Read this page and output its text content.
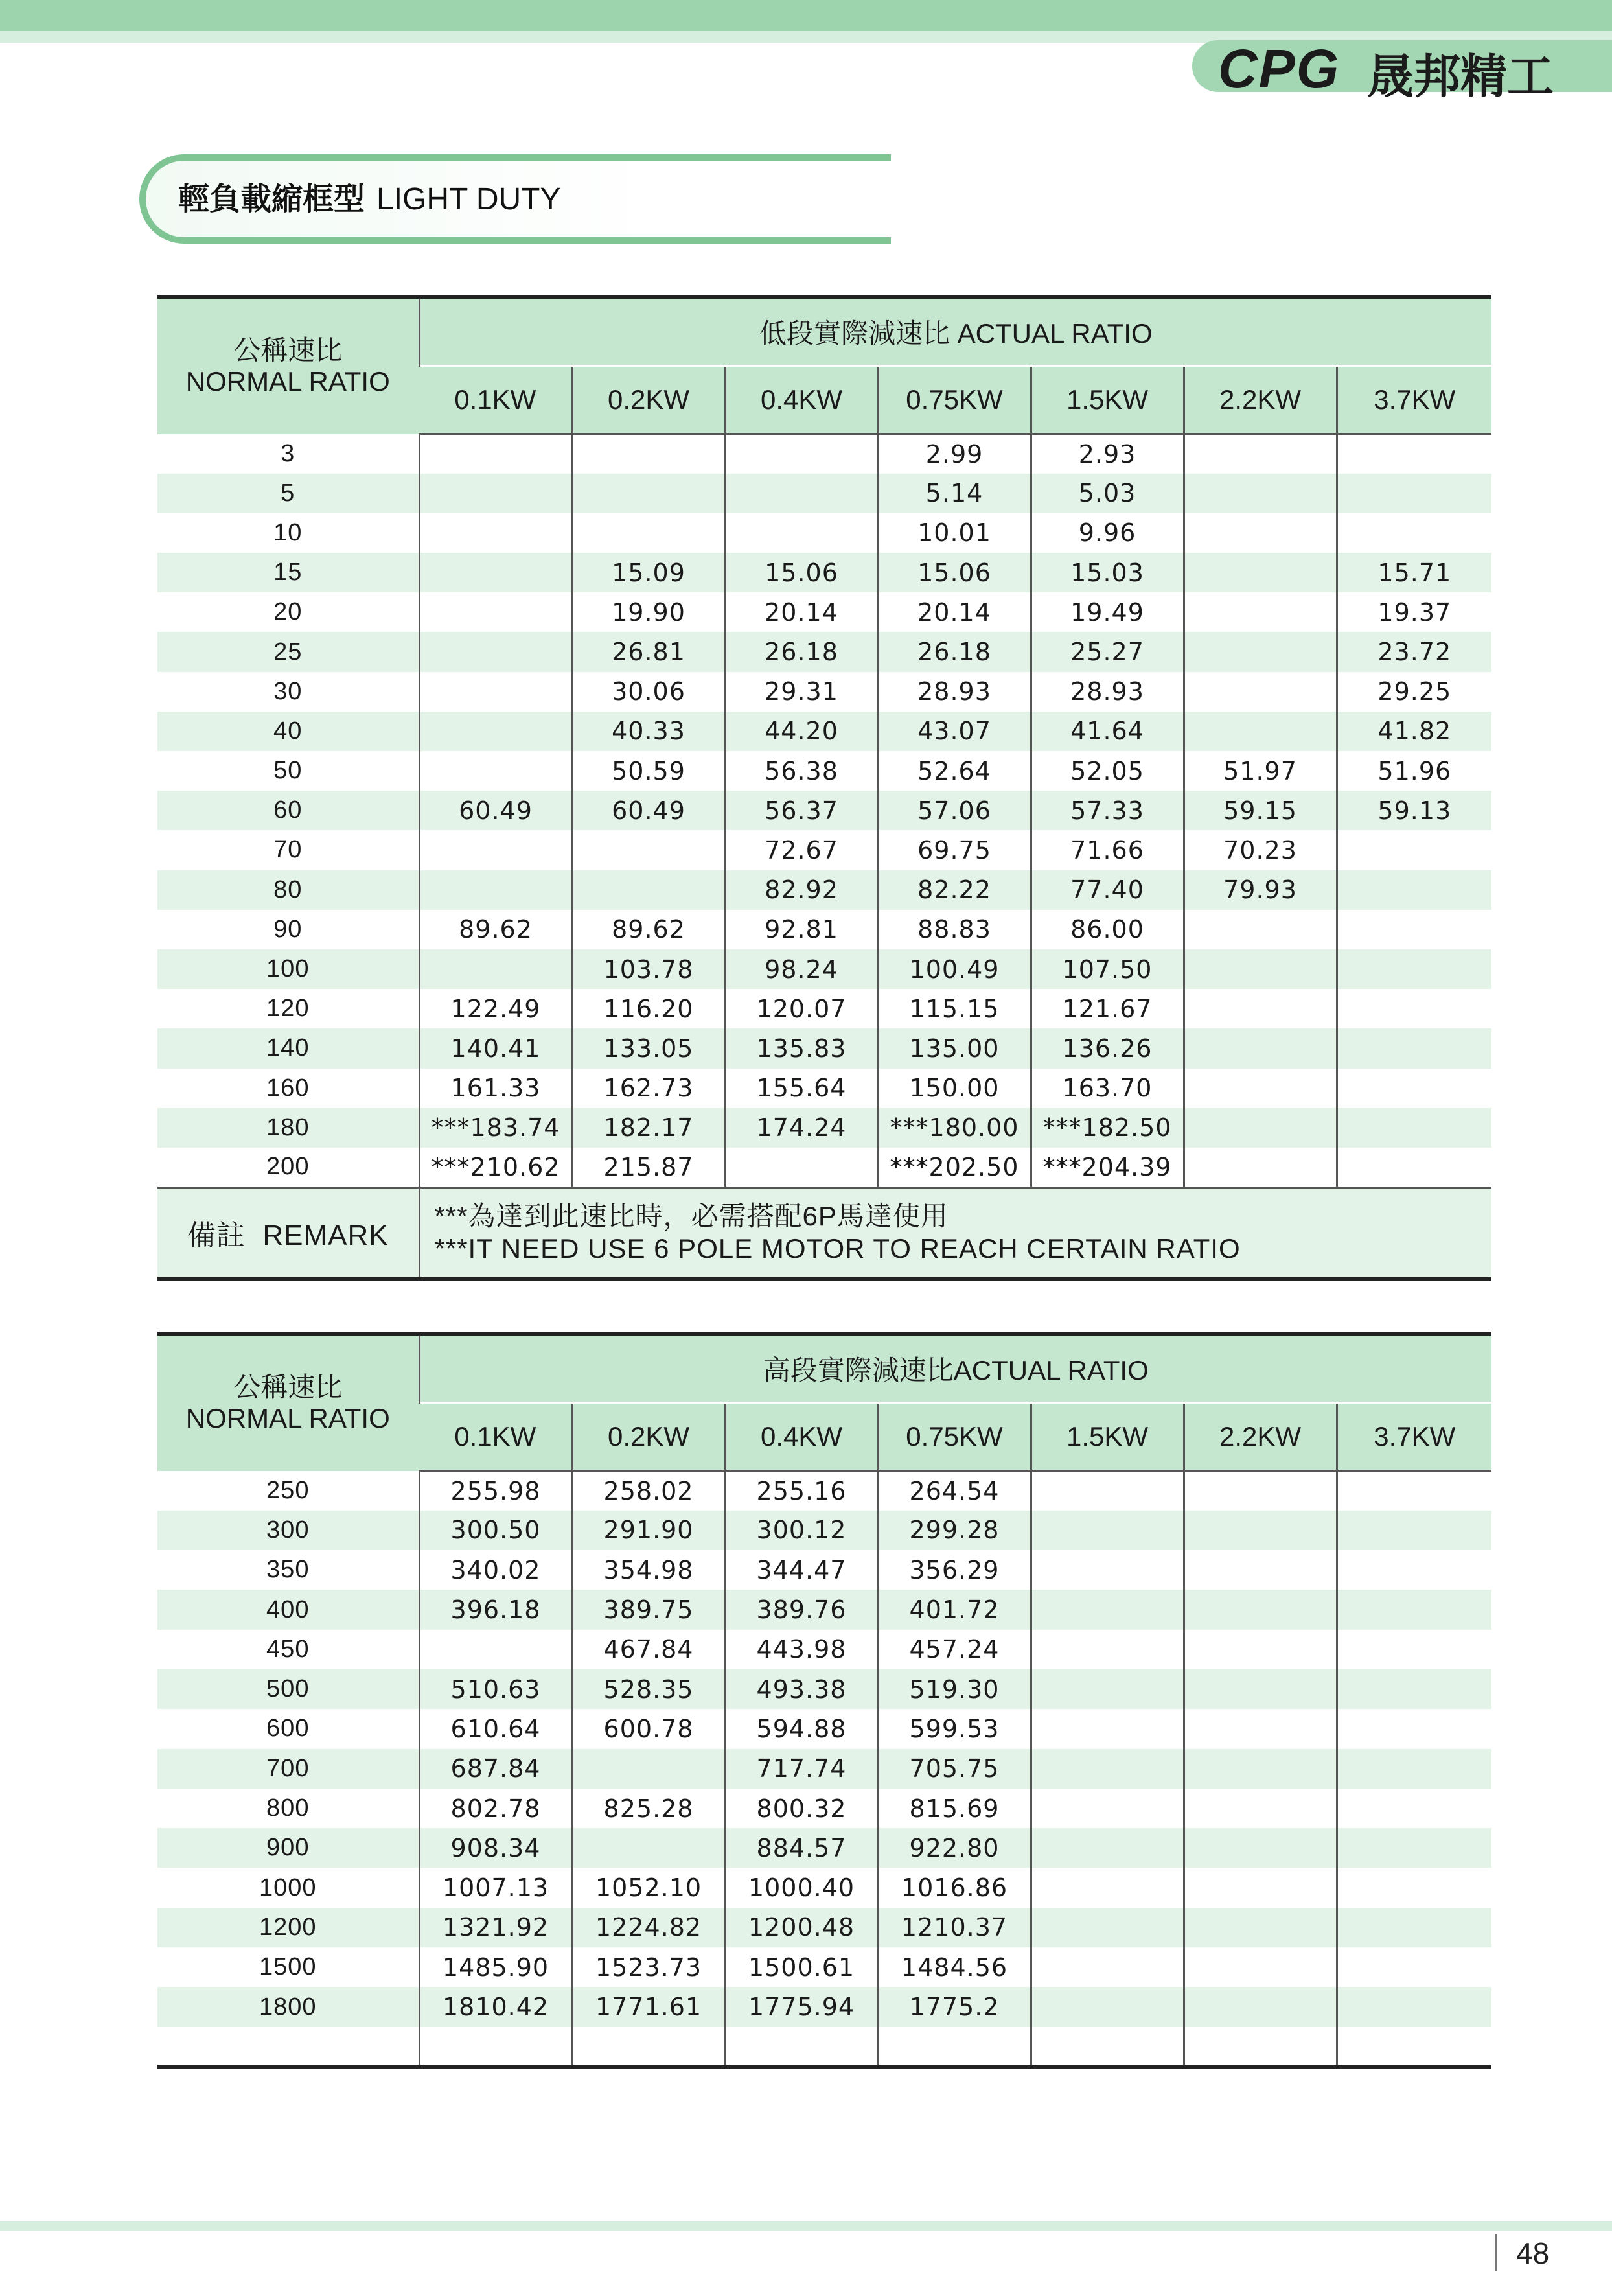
CPG 晟邦精工
輕負載縮框型 LIGHT DUTY
公稱速比
NORMAL RATIO	低段實際減速比 ACTUAL RATIO						
	0.1KW	0.2KW	0.4KW	0.75KW	1.5KW	2.2KW	3.7KW
3				2.99	2.93		
5				5.14	5.03		
10				10.01	9.96		
15		15.09	15.06	15.06	15.03		15.71
20		19.90	20.14	20.14	19.49		19.37
25		26.81	26.18	26.18	25.27		23.72
30		30.06	29.31	28.93	28.93		29.25
40		40.33	44.20	43.07	41.64		41.82
50		50.59	56.38	52.64	52.05	51.97	51.96
60	60.49	60.49	56.37	57.06	57.33	59.15	59.13
70			72.67	69.75	71.66	70.23	
80			82.92	82.22	77.40	79.93	
90	89.62	89.62	92.81	88.83	86.00		
100		103.78	98.24	100.49	107.50		
120	122.49	116.20	120.07	115.15	121.67		
140	140.41	133.05	135.83	135.00	136.26		
160	161.33	162.73	155.64	150.00	163.70		
180	***183.74	182.17	174.24	***180.00	***182.50		
200	***210.62	215.87		***202.50	***204.39		
備註  REMARK	***為達到此速比時，必需搭配6P馬達使用
***IT NEED USE 6 POLE MOTOR TO REACH CERTAIN RATIO						
公稱速比
NORMAL RATIO	高段實際減速比ACTUAL RATIO						
	0.1KW	0.2KW	0.4KW	0.75KW	1.5KW	2.2KW	3.7KW
250	255.98	258.02	255.16	264.54			
300	300.50	291.90	300.12	299.28			
350	340.02	354.98	344.47	356.29			
400	396.18	389.75	389.76	401.72			
450		467.84	443.98	457.24			
500	510.63	528.35	493.38	519.30			
600	610.64	600.78	594.88	599.53			
700	687.84		717.74	705.75			
800	802.78	825.28	800.32	815.69			
900	908.34		884.57	922.80			
1000	1007.13	1052.10	1000.40	1016.86			
1200	1321.92	1224.82	1200.48	1210.37			
1500	1485.90	1523.73	1500.61	1484.56			
1800	1810.42	1771.61	1775.94	1775.2			

48
